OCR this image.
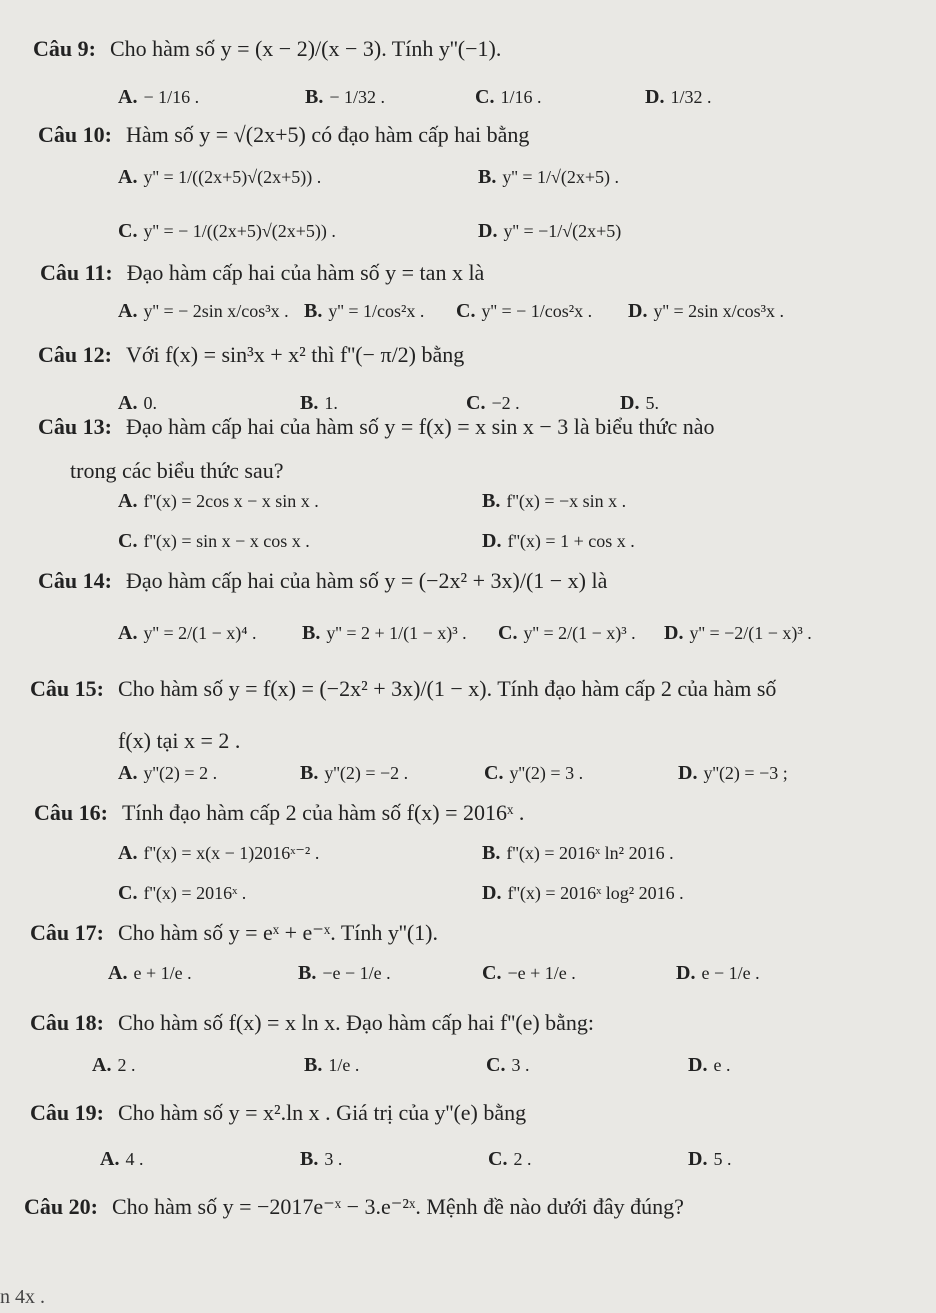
Câu 9: Cho hàm số y = (x − 2)/(x − 3). Tính y''(−1).
A. − 1/16 .	B. − 1/32 .	C. 1/16 .	D. 1/32 .
Câu 10: Hàm số y = √(2x+5) có đạo hàm cấp hai bằng
A. y'' = 1/((2x+5)√(2x+5)) .	B. y'' = 1/√(2x+5) .
C. y'' = − 1/((2x+5)√(2x+5)) .	D. y'' = −1/√(2x+5)
Câu 11: Đạo hàm cấp hai của hàm số y = tan x là
A. y'' = − 2sin x/cos³x . B. y'' = 1/cos²x . C. y'' = − 1/cos²x . D. y'' = 2sin x/cos³x .
Câu 12: Với f(x) = sin³x + x² thì f''(− π/2) bằng
A. 0.	B. 1.	C. −2 .	D. 5.
Câu 13: Đạo hàm cấp hai của hàm số y = f(x) = x sin x − 3 là biểu thức nào
trong các biểu thức sau?
A. f''(x) = 2cos x − x sin x .	B. f''(x) = −x sin x .
C. f''(x) = sin x − x cos x .	D. f''(x) = 1 + cos x .
Câu 14: Đạo hàm cấp hai của hàm số y = (−2x² + 3x)/(1 − x) là
A. y'' = 2/(1 − x)⁴ . B. y'' = 2 + 1/(1 − x)³ . C. y'' = 2/(1 − x)³ . D. y'' = −2/(1 − x)³ .
Câu 15: Cho hàm số y = f(x) = (−2x² + 3x)/(1 − x). Tính đạo hàm cấp 2 của hàm số
f(x) tại x = 2 .
A. y''(2) = 2 .	B. y''(2) = −2 .	C. y''(2) = 3 .	D. y''(2) = −3 ;
Câu 16: Tính đạo hàm cấp 2 của hàm số f(x) = 2016ˣ .
A. f''(x) = x(x − 1)2016ˣ⁻² .	B. f''(x) = 2016ˣ ln² 2016 .
C. f''(x) = 2016ˣ .	D. f''(x) = 2016ˣ log² 2016 .
Câu 17: Cho hàm số y = eˣ + e⁻ˣ. Tính y''(1).
A. e + 1/e .	B. −e − 1/e .	C. −e + 1/e .	D. e − 1/e .
Câu 18: Cho hàm số f(x) = x ln x. Đạo hàm cấp hai f''(e) bằng:
A. 2 .	B. 1/e .	C. 3 .	D. e .
Câu 19: Cho hàm số y = x².ln x . Giá trị của y''(e) bằng
A. 4 .	B. 3 .	C. 2 .	D. 5 .
Câu 20: Cho hàm số y = −2017e⁻ˣ − 3.e⁻²ˣ. Mệnh đề nào dưới đây đúng?
n 4x .
